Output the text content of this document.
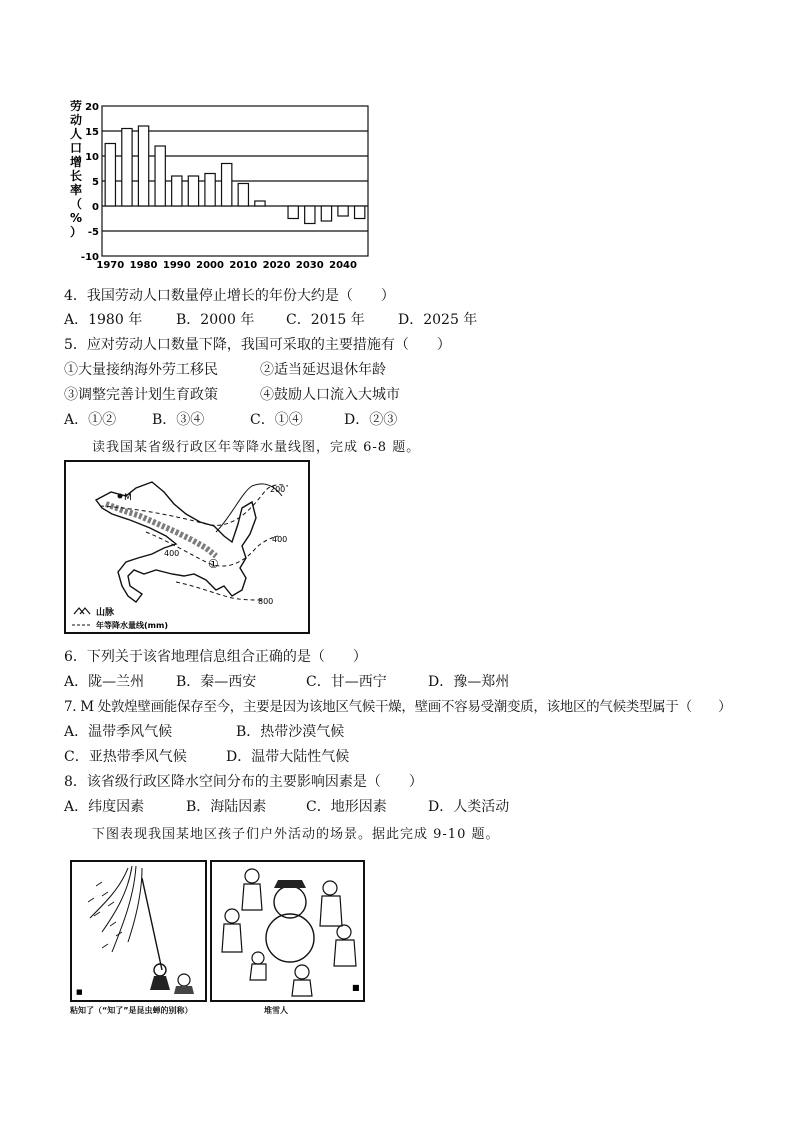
劳
动
人
口
增
长
率
（
%
）
20
15
10
5
0
-5
-10
1970 1980 1990 2000 2010 2020 2030 2040
4．我国劳动人口数量停止增长的年份大约是（　　）
A．1980 年 B．2000 年 C．2015 年 D．2025 年
5．应对劳动人口数量下降，我国可采取的主要措施有（　　）
①大量接纳海外劳工移民	②适当延迟退休年龄
③调整完善计划生育政策	④鼓励人口流入大城市
A．①②	B．③④	C．①④	D．②③
读我国某省级行政区年等降水量线图，完成 6-8 题。
M
200
400
400
800
①
山脉
年等降水量线(mm)
6．下列关于该省地理信息组合正确的是（　　）
A．陇—兰州 B．秦—西安	C．甘—西宁	D．豫—郑州
7. M 处敦煌壁画能保存至今，主要是因为该地区气候干燥，壁画不容易受潮变质，该地区的气候类型属于（　　）
A．温带季风气候	B．热带沙漠气候
C．亚热带季风气候	D．温带大陆性气候
8．该省级行政区降水空间分布的主要影响因素是（　　）
A．纬度因素	B．海陆因素	C．地形因素	D．人类活动
下图表现我国某地区孩子们户外活动的场景。据此完成 9-10 题。
■	■
粘知了（“知了”是昆虫蝉的别称）	堆雪人
